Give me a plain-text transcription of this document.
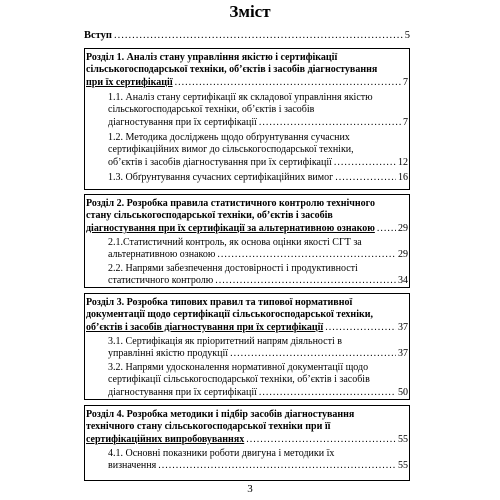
Зміст
Вступ .....	5
Розділ 1. Аналіз стану управління якістю і сертифікації
сільськогосподарської техніки, об’єктів і засобів діагностування
при їх сертифікації .....	7
1.1. Аналіз стану сертифікації як складової управління якістю
сільськогосподарської техніки, об’єктів і засобів
діагностування при їх сертифікації .....	7
1.2. Методика досліджень щодо обґрунтування сучасних
сертифікаційних вимог до сільськогосподарської техніки,
об’єктів і засобів діагностування при їх сертифікації .....	12
1.3. Обґрунтування сучасних сертифікаційних вимог .....	16
Розділ 2. Розробка правила статистичного контролю технічного
стану сільськогосподарської техніки, об’єктів і засобів
діагностування при їх сертифікації за альтернативною ознакою ..... 29
2.1.Статистичний контроль, як основа оцінки якості СГТ за
альтернативною ознакою .....	29
2.2. Напрями забезпечення достовірності і продуктивності
статистичного контролю .....	34
Розділ 3. Розробка типових правил та типової нормативної
документації щодо сертифікації сільськогосподарської техніки,
об’єктів і засобів діагностування при їх сертифікації .....	37
3.1. Сертифікація як пріоритетний напрям діяльності в
управлінні якістю продукції .....	37
3.2. Напрями удосконалення нормативної документації щодо
сертифікації сільськогосподарської техніки, об’єктів і засобів
діагностування при їх сертифікації .....	50
Розділ 4. Розробка методики і підбір засобів діагностування
технічного стану сільськогосподарської техніки при її
сертифікаційних випробовуваннях .....	55
4.1. Основні показники роботи двигуна і методики їх
визначення .....	55
3
